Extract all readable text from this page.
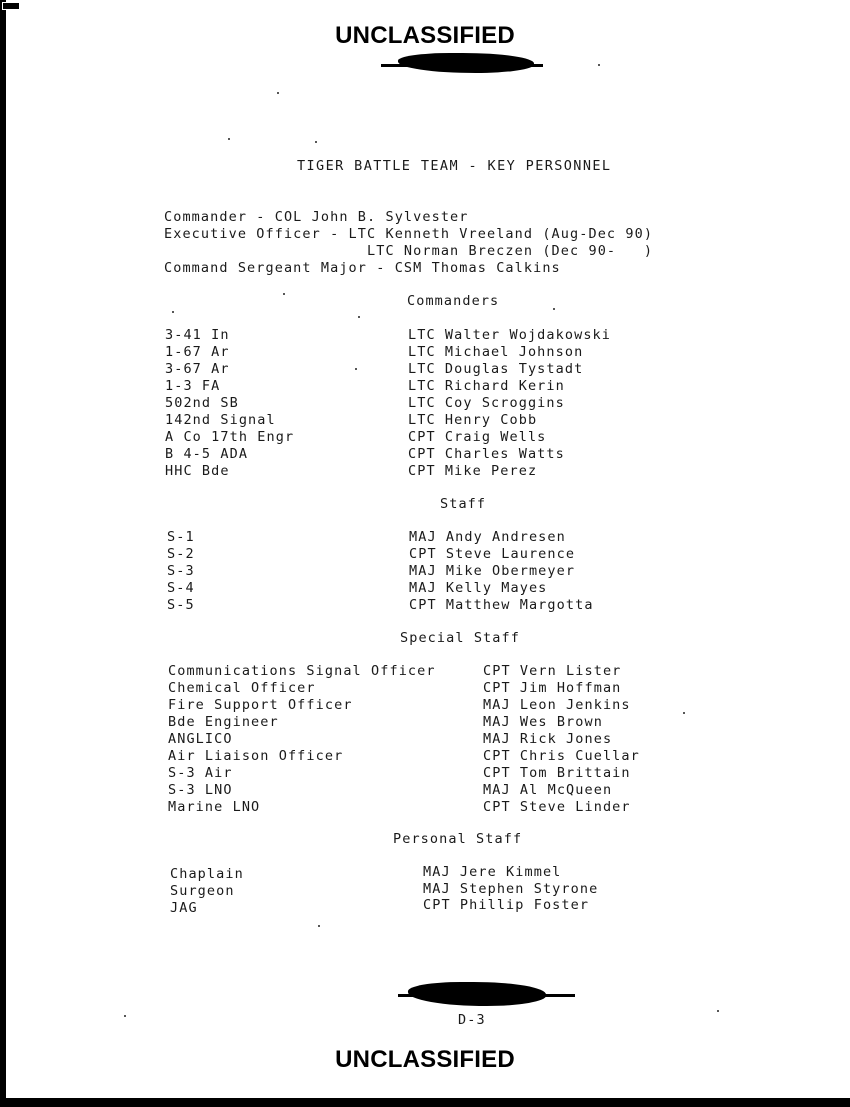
UNCLASSIFIED
TIGER BATTLE TEAM - KEY PERSONNEL
Commander - COL John B. Sylvester
Executive Officer - LTC Kenneth Vreeland (Aug-Dec 90)
LTC Norman Breczen (Dec 90-   )
Command Sergeant Major - CSM Thomas Calkins
Commanders
3-41 In	LTC Walter Wojdakowski
1-67 Ar	LTC Michael Johnson
3-67 Ar	LTC Douglas Tystadt
1-3 FA	LTC Richard Kerin
502nd SB	LTC Coy Scroggins
142nd Signal	LTC Henry Cobb
A Co 17th Engr	CPT Craig Wells
B 4-5 ADA	CPT Charles Watts
HHC Bde	CPT Mike Perez
Staff
S-1	MAJ Andy Andresen
S-2	CPT Steve Laurence
S-3	MAJ Mike Obermeyer
S-4	MAJ Kelly Mayes
S-5	CPT Matthew Margotta
Special Staff
Communications Signal Officer	CPT Vern Lister
Chemical Officer	CPT Jim Hoffman
Fire Support Officer	MAJ Leon Jenkins
Bde Engineer	MAJ Wes Brown
ANGLICO	MAJ Rick Jones
Air Liaison Officer	CPT Chris Cuellar
S-3 Air	CPT Tom Brittain
S-3 LNO	MAJ Al McQueen
Marine LNO	CPT Steve Linder
Personal Staff
Chaplain	MAJ Jere Kimmel
Surgeon	MAJ Stephen Styrone
JAG	CPT Phillip Foster
D-3
UNCLASSIFIED
